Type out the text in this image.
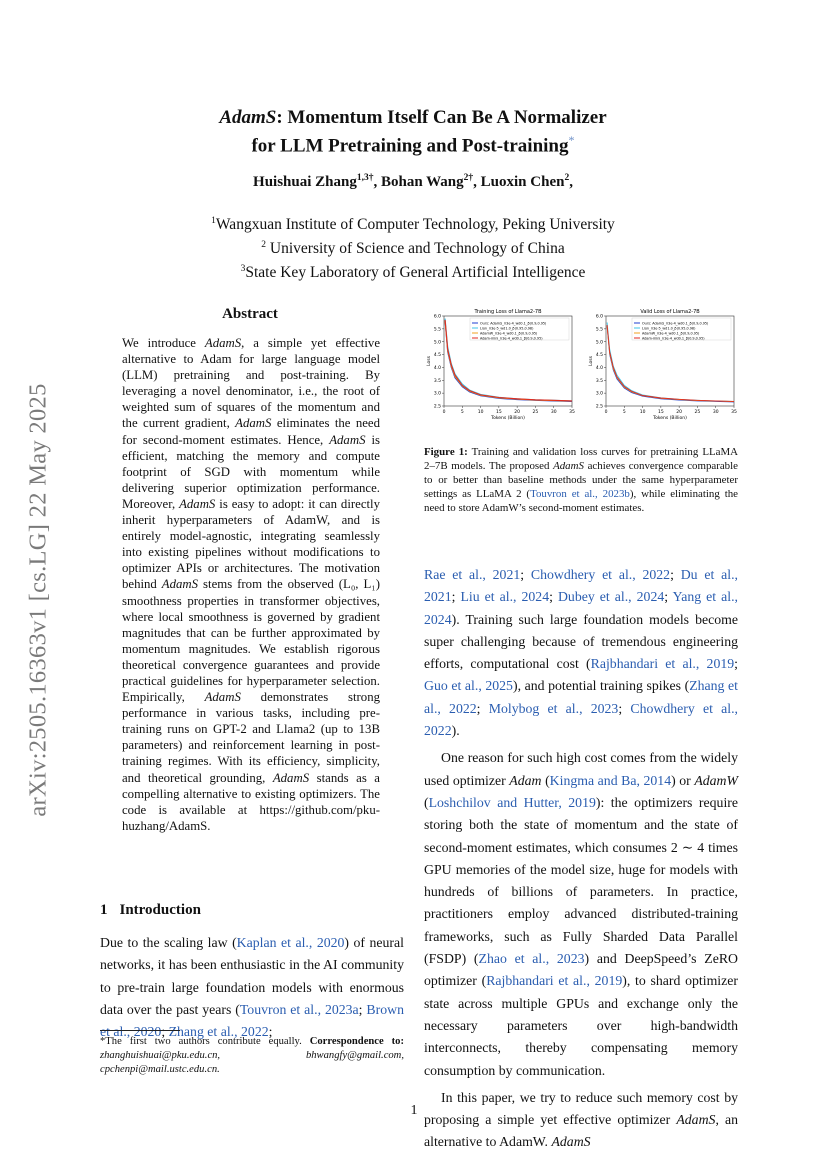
arXiv:2505.16363v1 [cs.LG] 22 May 2025
AdamS: Momentum Itself Can Be A Normalizer
for LLM Pretraining and Post-training*
Huishuai Zhang$^{1,3\dagger}$, Bohan Wang$^{2\dagger}$, Luoxin Chen$^2$,
$^1$Wangxuan Institute of Computer Technology, Peking University
$^2$ University of Science and Technology of China
$^3$State Key Laboratory of General Artificial Intelligence
Abstract
We introduce AdamS, a simple yet effective alternative to Adam for large language model (LLM) pretraining and post-training. By leveraging a novel denominator, i.e., the root of weighted sum of squares of the momentum and the current gradient, AdamS eliminates the need for second-moment estimates. Hence, AdamS is efficient, matching the memory and compute footprint of SGD with momentum while delivering superior optimization performance. Moreover, AdamS is easy to adopt: it can directly inherit hyperparameters of AdamW, and is entirely model-agnostic, integrating seamlessly into existing pipelines without modifications to optimizer APIs or architectures. The motivation behind AdamS stems from the observed (L₀, L₁) smoothness properties in transformer objectives, where local smoothness is governed by gradient magnitudes that can be further approximated by momentum magnitudes. We establish rigorous theoretical convergence guarantees and provide practical guidelines for hyperparameter selection. Empirically, AdamS demonstrates strong performance in various tasks, including pre-training runs on GPT-2 and Llama2 (up to 13B parameters) and reinforcement learning in post-training regimes. With its efficiency, simplicity, and theoretical grounding, AdamS stands as a compelling alternative to existing optimizers. The code is available at https://github.com/pku-huzhang/AdamS.
1 Introduction
Due to the scaling law (Kaplan et al., 2020) of neural networks, it has been enthusiastic in the AI community to pre-train large foundation models with enormous data over the past years (Touvron et al., 2023a; Brown et al., 2020; Zhang et al., 2022;
*The first two authors contribute equally. Correspondence to: zhanghuishuai@pku.edu.cn, bhwangfy@gmail.com, cpchenpi@mail.ustc.edu.cn.
Training Loss of Llama2-7B
2.5
3.0
3.5
4.0
4.5
5.0
5.5
6.0
0	5	10	15	20	25	30	35
Tokens (Billion)
Loss
Ours: AdamS_lr3e-4_wd0.1_β(0.9,0.95)
Lion_lr3e-5_wd1.0_β(0.95,0.98)
AdamW_lr3e-4_wd0.1_β(0.9,0.95)
Adam-mini_lr3e-4_wd0.1_β(0.9,0.95)
Valid Loss of Llama2-7B
2.5
3.0
3.5
4.0
4.5
5.0
5.5
6.0
0	5	10	15	20	25	30	35
Tokens (Billion)
Loss
Ours: AdamS_lr3e-4_wd0.1_β(0.9,0.95)
Lion_lr3e-5_wd1.0_β(0.95,0.98)
AdamW_lr3e-4_wd0.1_β(0.9,0.95)
Adam-mini_lr3e-4_wd0.1_β(0.9,0.95)
Figure 1: Training and validation loss curves for pretraining LLaMA 2–7B models. The proposed AdamS achieves convergence comparable to or better than baseline methods under the same hyperparameter settings as LLaMA 2 (Touvron et al., 2023b), while eliminating the need to store AdamW’s second-moment estimates.

Rae et al., 2021; Chowdhery et al., 2022; Du et al., 2021; Liu et al., 2024; Dubey et al., 2024; Yang et al., 2024). Training such large foundation models become super challenging because of tremendous engineering efforts, computational cost (Rajbhandari et al., 2019; Guo et al., 2025), and potential training spikes (Zhang et al., 2022; Molybog et al., 2023; Chowdhery et al., 2022).

One reason for such high cost comes from the widely used optimizer Adam (Kingma and Ba, 2014) or AdamW (Loshchilov and Hutter, 2019): the optimizers require storing both the state of momentum and the state of second-moment estimates, which consumes 2 ∼ 4 times GPU memories of the model size, huge for models with hundreds of billions of parameters. In practice, practitioners employ advanced distributed-training frameworks, such as Fully Sharded Data Parallel (FSDP) (Zhao et al., 2023) and DeepSpeed’s ZeRO optimizer (Rajbhandari et al., 2019), to shard optimizer state across multiple GPUs and exchange only the necessary parameters over high-bandwidth interconnects, thereby compensating memory consumption by communication.

In this paper, we try to reduce such memory cost by proposing a simple yet effective optimizer AdamS, an alternative to AdamW. AdamS

1
